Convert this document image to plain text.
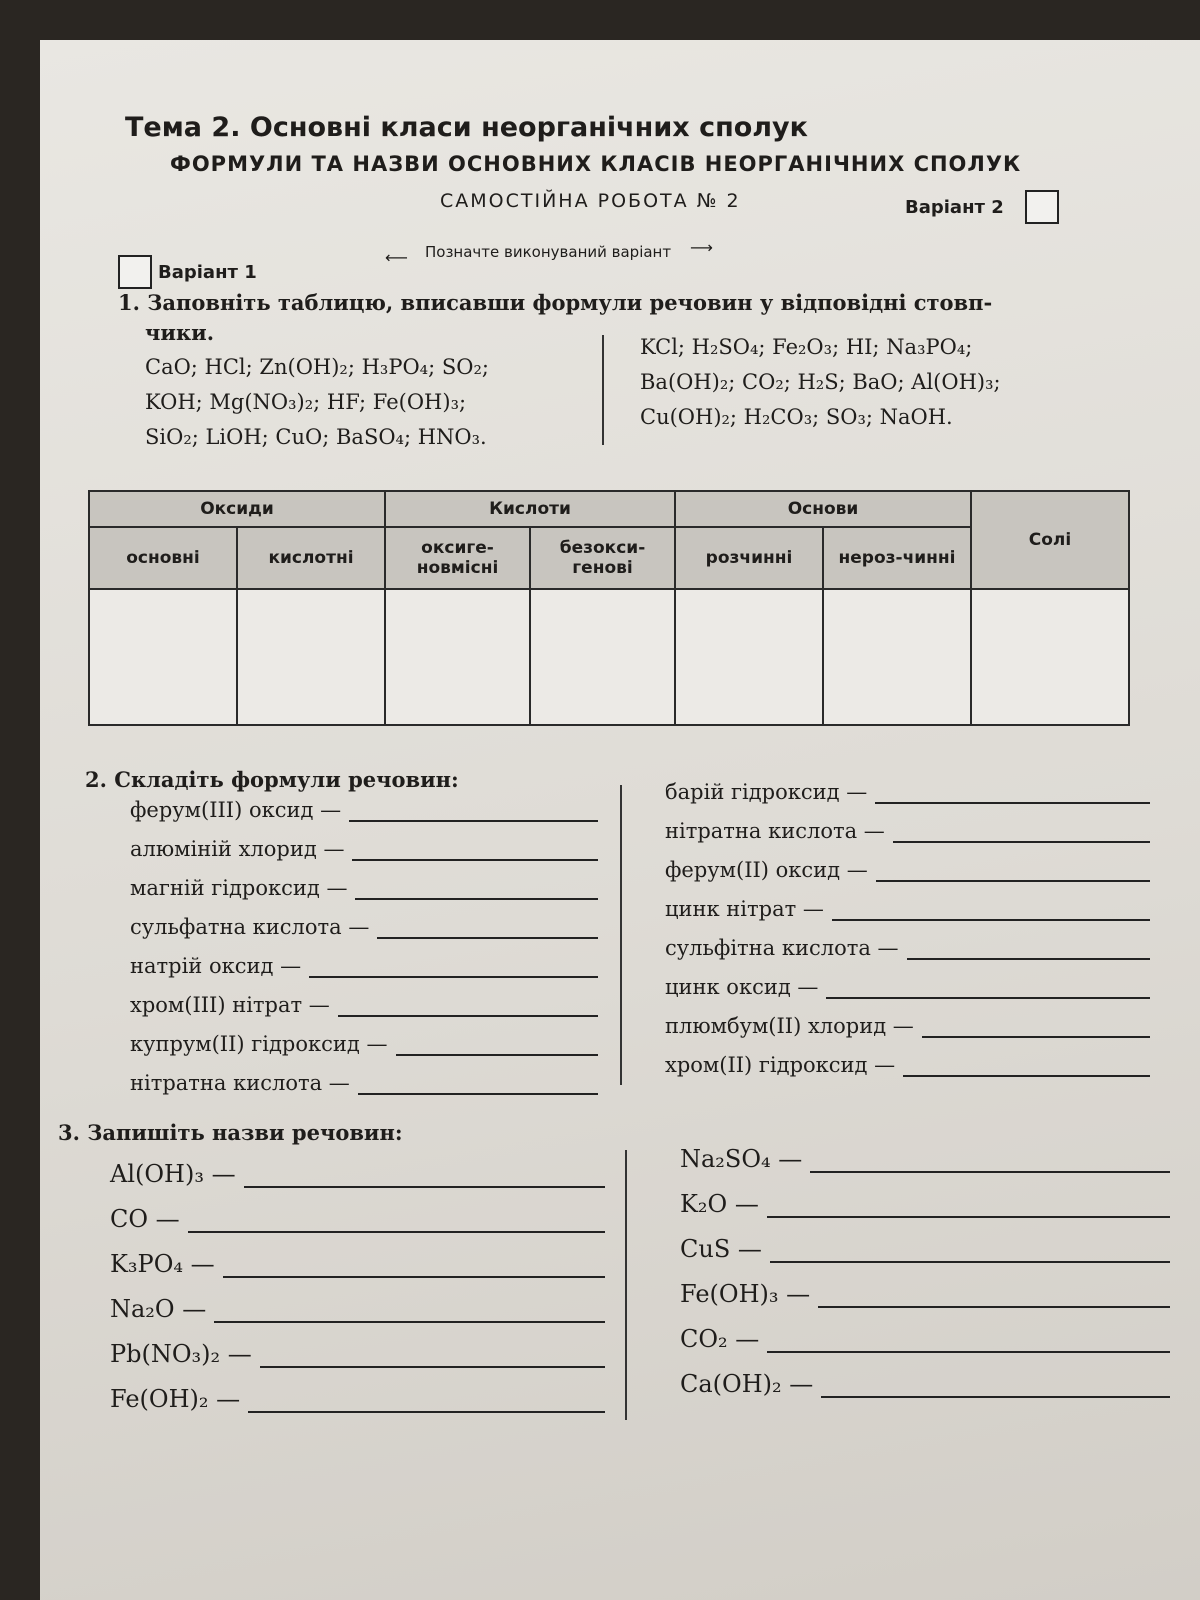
Тема 2. Основні класи неорганічних сполук
ФОРМУЛИ ТА НАЗВИ ОСНОВНИХ КЛАСІВ НЕОРГАНІЧНИХ СПОЛУК
САМОСТІЙНА РОБОТА № 2	Варіант 2
Варіант 1
⟵ Позначте виконуваний варіант ⟶
1. Заповніть таблицю, вписавши формули речовин у відповідні стовп-
чики.
CaO; HCl; Zn(OH)₂; H₃PO₄; SO₂;
KOH; Mg(NO₃)₂; HF; Fe(OH)₃;
SiO₂; LiOH; CuO; BaSO₄; HNO₃.
KCl; H₂SO₄; Fe₂O₃; HI; Na₃PO₄;
Ba(OH)₂; CO₂; H₂S; BaO; Al(OH)₃;
Cu(OH)₂; H₂CO₃; SO₃; NaOH.
Оксиди		Кислоти		Основи		Солі
основні	кислотні	оксиге-новмісні	безокси-генові	розчинні	нероз-чинні	

2. Складіть формули речовин:
ферум(III) оксид —
алюміній хлорид —
магній гідроксид —
сульфатна кислота —
натрій оксид —
хром(III) нітрат —
купрум(II) гідроксид —
нітратна кислота —
барій гідроксид —
нітратна кислота —
ферум(II) оксид —
цинк нітрат —
сульфітна кислота —
цинк оксид —
плюмбум(II) хлорид —
хром(II) гідроксид —
3. Запишіть назви речовин:
Al(OH)₃ —
CO —
K₃PO₄ —
Na₂O —
Pb(NO₃)₂ —
Fe(OH)₂ —
Na₂SO₄ —
K₂O —
CuS —
Fe(OH)₃ —
CO₂ —
Ca(OH)₂ —
